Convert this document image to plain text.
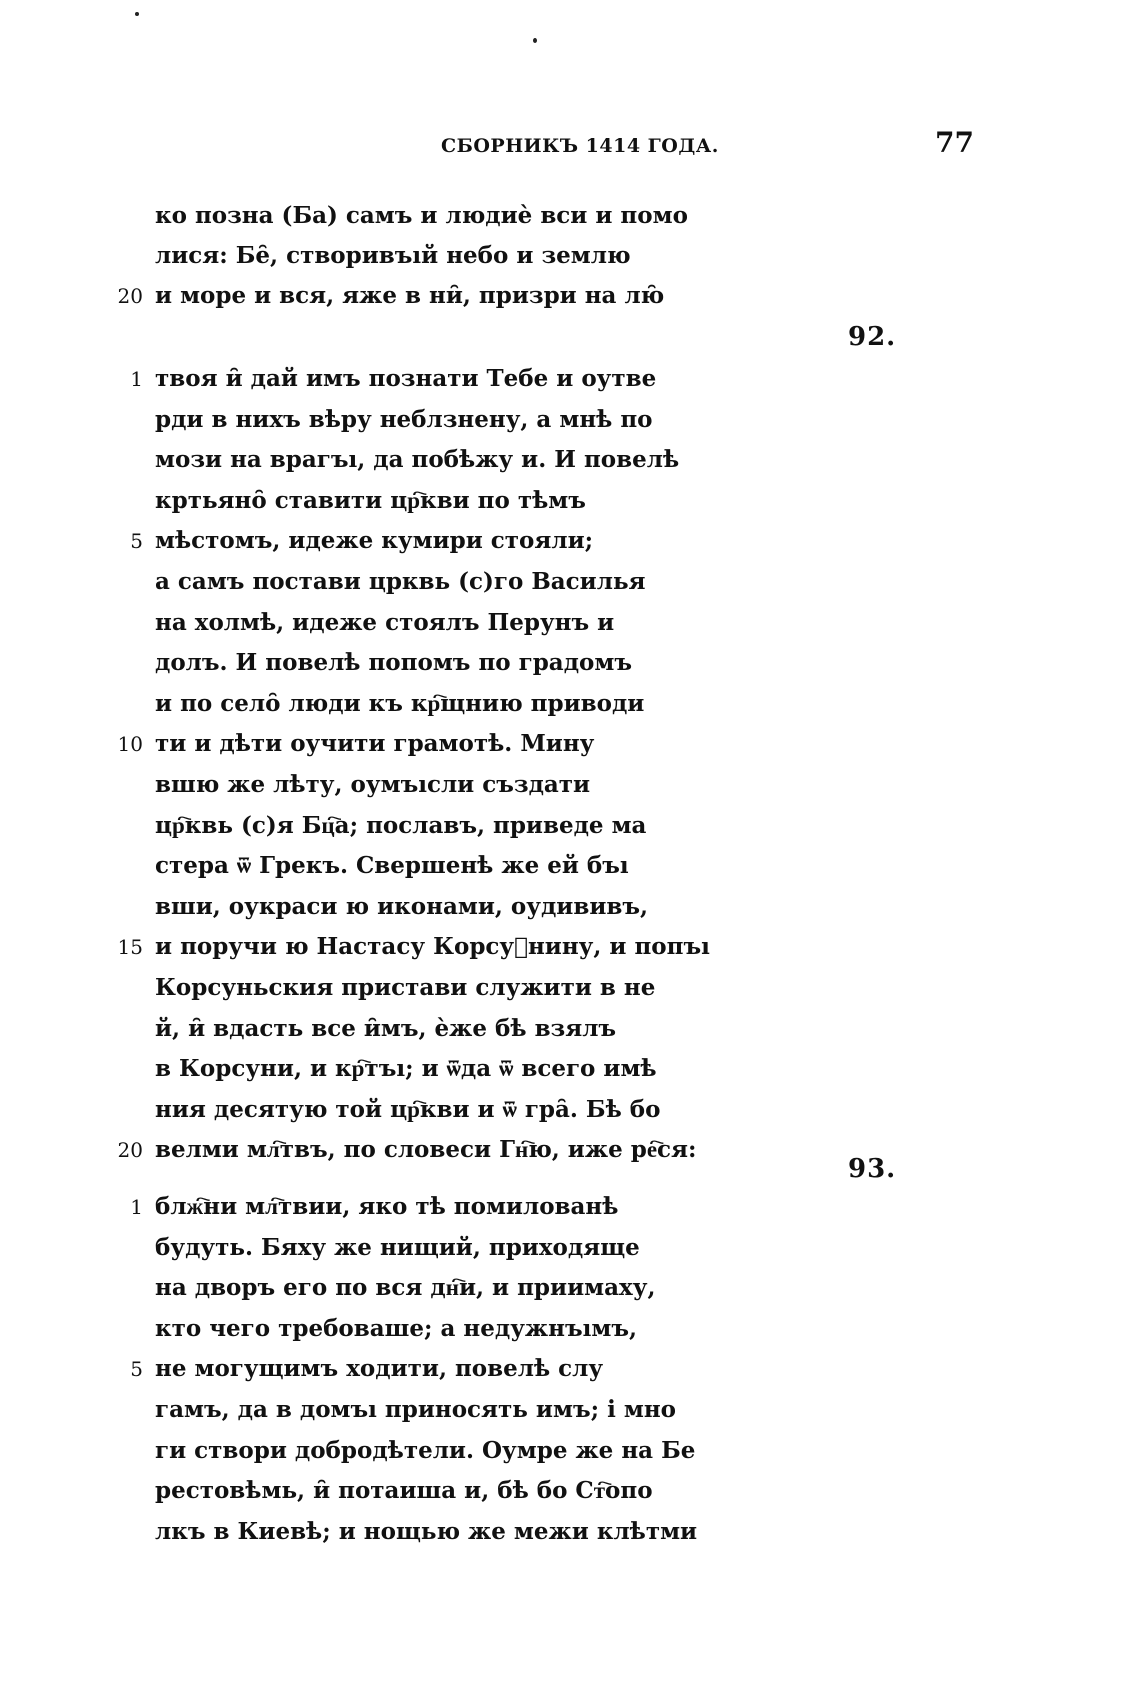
СБОРНИКЪ 1414 ГОДА.	77
ко позна (Ба) самъ и людиѐ вси и помо
лися: Бе̑, створивъıй небо и землю
20 и море и вся, яже в ни̑, призри на лю̑
92.
1 твоя и̑ дай имъ познати Тебе и оутве
рди в нихъ вѣру неблзнену, а мнѣ по
мози на врагъı, да побѣжу и. И повелѣ
кртьяно̑ ставити цр҇кви по тѣмъ
5 мѣстомъ, идеже кумири стояли;
а самъ постави црквь (с)го Василья
на холмѣ, идеже стоялъ Перунъ и
долъ. И повелѣ попомъ по градомъ
и по село̑ люди къ кр҇щнию приводи
10 ти и дѣти оучити грамотѣ. Мину
вшю же лѣту, оумъıсли създати
цр҇квь (с)я Бц҇а; пославъ, приведе ма
стера ѿ Грекъ. Свершенѣ же ей бъı
вши, оукраси ю иконами, оудививъ,
15 и поручи ю Настасу Корсуⷨнину, и попъı
Корсуньския пристави служити в не
й, и̑ вдасть все и̑мъ, ѐже бѣ взялъ
в Корсуни, и кр҇тъı; и ѿда ѿ всего имѣ
ния десятую той цр҇кви и ѿ гра̑. Бѣ бо
20 велми мл҇твъ, по словеси Гн҇ю, иже ре҇ся:
93.
1 блж҇ни мл҇твии, яко тѣ помилованѣ
будуть. Бяху же нищий, приходяще
на дворъ его по вся дн҇и, и приимаху,
кто чего требоваше; а недужнъıмъ,
5 не могущимъ ходити, повелѣ слу
гамъ, да в домъı приносять имъ; і мно
ги створи добродѣтели. Оумре же на Бе
рестовѣмь, и̑ потаиша и, бѣ бо Ст҇опо
лкъ в Киевѣ; и нощью же межи клѣтми
